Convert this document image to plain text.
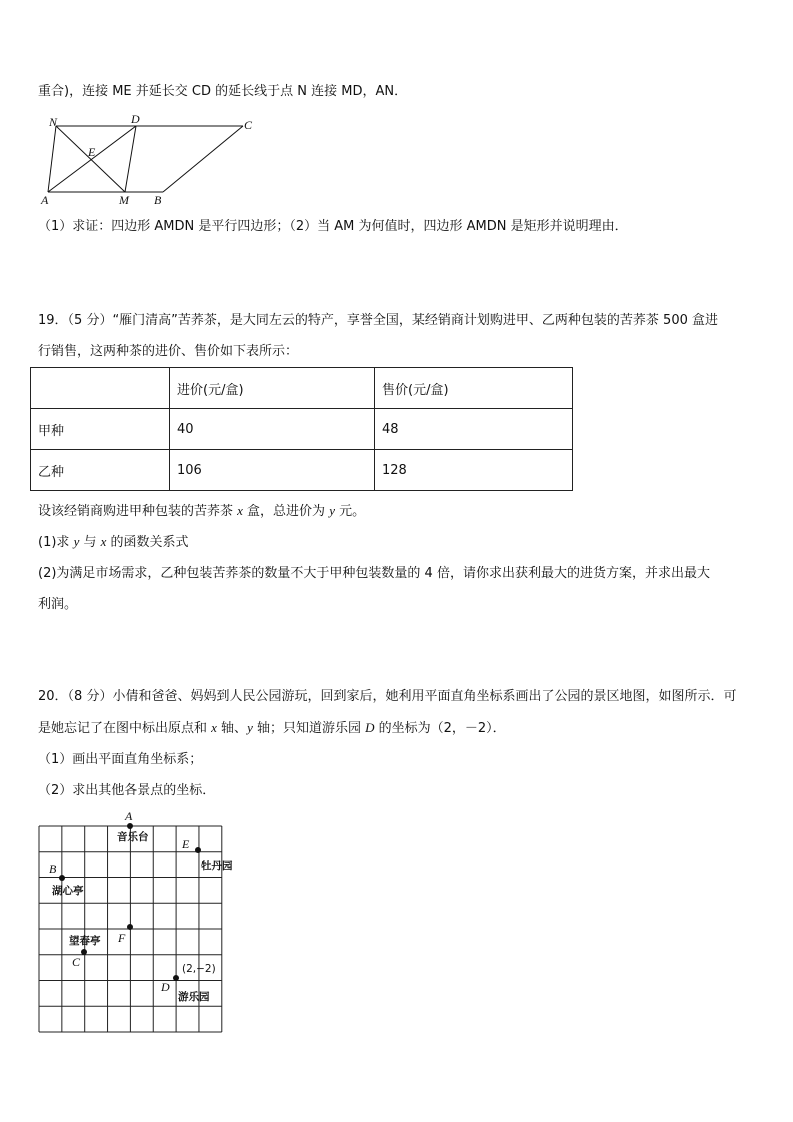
重合)，连接 ME 并延长交 CD 的延长线于点 N 连接 MD，AN．
N	D	C
E
A	M B
（1）求证：四边形 AMDN 是平行四边形；（2）当 AM 为何值时，四边形 AMDN 是矩形并说明理由．
19．（5 分）“雁门清高”苦荞茶，是大同左云的特产，享誉全国，某经销商计划购进甲、乙两种包装的苦荞茶 500 盒进
行销售，这两种茶的进价、售价如下表所示：
	进价(元/盒)	售价(元/盒)
甲种	40	48
乙种	106	128
设该经销商购进甲种包装的苦荞茶 x 盒，总进价为 y 元。
(1)求 y 与 x 的函数关系式
(2)为满足市场需求，乙种包装苦荞茶的数量不大于甲种包装数量的 4 倍，请你求出获利最大的进货方案，并求出最大
利润。
20．（8 分）小倩和爸爸、妈妈到人民公园游玩，回到家后，她利用平面直角坐标系画出了公园的景区地图，如图所示．可
是她忘记了在图中标出原点和 x 轴、y 轴；只知道游乐园 D 的坐标为（2，－2）．
（1）画出平面直角坐标系；
（2）求出其他各景点的坐标．
A
音乐台
B
湖心亭
C
望春亭
D
(2,−2)
游乐园
E
牡丹园
F
